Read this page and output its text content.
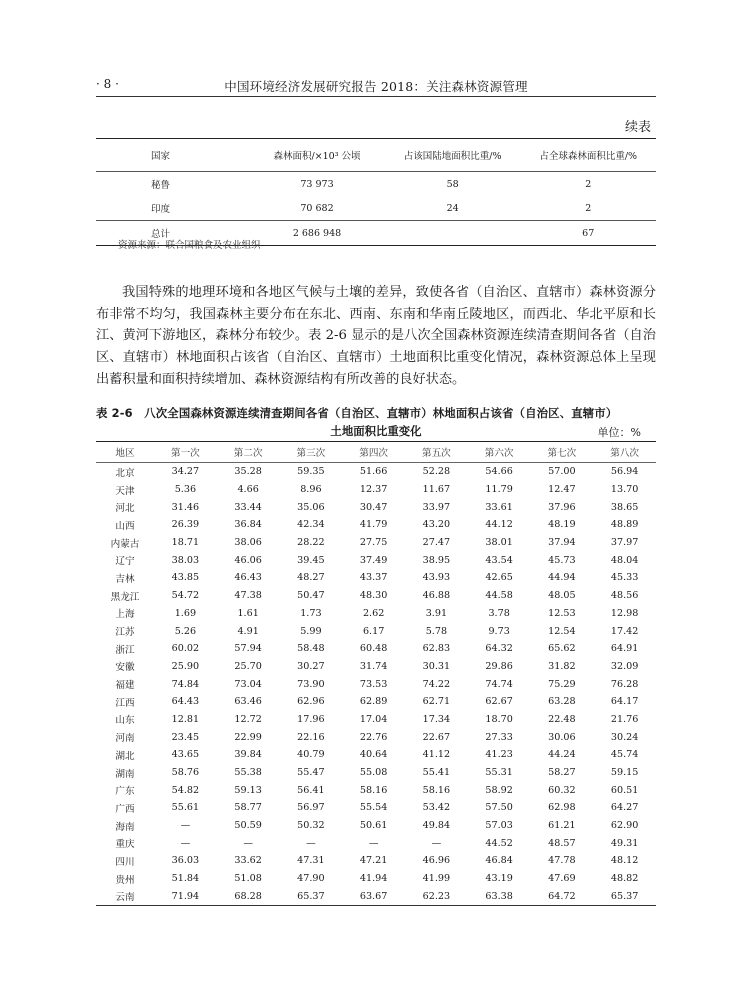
· 8 ·	中国环境经济发展研究报告 2018：关注森林资源管理
续表
国家	森林面积/×10³ 公顷	占该国陆地面积比重/%	占全球森林面积比重/%
秘鲁	73 973	58	2
印度	70 682	24	2
总计	2 686 948		67
资源来源：联合国粮食及农业组织

我国特殊的地理环境和各地区气候与土壤的差异，致使各省（自治区、直辖市）森林资源分布非常不均匀，我国森林主要分布在东北、西南、东南和华南丘陵地区，而西北、华北平原和长江、黄河下游地区，森林分布较少。表 2-6 显示的是八次全国森林资源连续清查期间各省（自治区、直辖市）林地面积占该省（自治区、直辖市）土地面积比重变化情况，森林资源总体上呈现出蓄积量和面积持续增加、森林资源结构有所改善的良好状态。

表 2-6　八次全国森林资源连续清查期间各省（自治区、直辖市）林地面积占该省（自治区、直辖市）
土地面积比重变化	单位：%
地区	第一次	第二次	第三次	第四次	第五次	第六次	第七次	第八次
北京	34.27	35.28	59.35	51.66	52.28	54.66	57.00	56.94
天津	5.36	4.66	8.96	12.37	11.67	11.79	12.47	13.70
河北	31.46	33.44	35.06	30.47	33.97	33.61	37.96	38.65
山西	26.39	36.84	42.34	41.79	43.20	44.12	48.19	48.89
内蒙古	18.71	38.06	28.22	27.75	27.47	38.01	37.94	37.97
辽宁	38.03	46.06	39.45	37.49	38.95	43.54	45.73	48.04
吉林	43.85	46.43	48.27	43.37	43.93	42.65	44.94	45.33
黑龙江	54.72	47.38	50.47	48.30	46.88	44.58	48.05	48.56
上海	1.69	1.61	1.73	2.62	3.91	3.78	12.53	12.98
江苏	5.26	4.91	5.99	6.17	5.78	9.73	12.54	17.42
浙江	60.02	57.94	58.48	60.48	62.83	64.32	65.62	64.91
安徽	25.90	25.70	30.27	31.74	30.31	29.86	31.82	32.09
福建	74.84	73.04	73.90	73.53	74.22	74.74	75.29	76.28
江西	64.43	63.46	62.96	62.89	62.71	62.67	63.28	64.17
山东	12.81	12.72	17.96	17.04	17.34	18.70	22.48	21.76
河南	23.45	22.99	22.16	22.76	22.67	27.33	30.06	30.24
湖北	43.65	39.84	40.79	40.64	41.12	41.23	44.24	45.74
湖南	58.76	55.38	55.47	55.08	55.41	55.31	58.27	59.15
广东	54.82	59.13	56.41	58.16	58.16	58.92	60.32	60.51
广西	55.61	58.77	56.97	55.54	53.42	57.50	62.98	64.27
海南	—	50.59	50.32	50.61	49.84	57.03	61.21	62.90
重庆	—	—	—	—	—	44.52	48.57	49.31
四川	36.03	33.62	47.31	47.21	46.96	46.84	47.78	48.12
贵州	51.84	51.08	47.90	41.94	41.99	43.19	47.69	48.82
云南	71.94	68.28	65.37	63.67	62.23	63.38	64.72	65.37
